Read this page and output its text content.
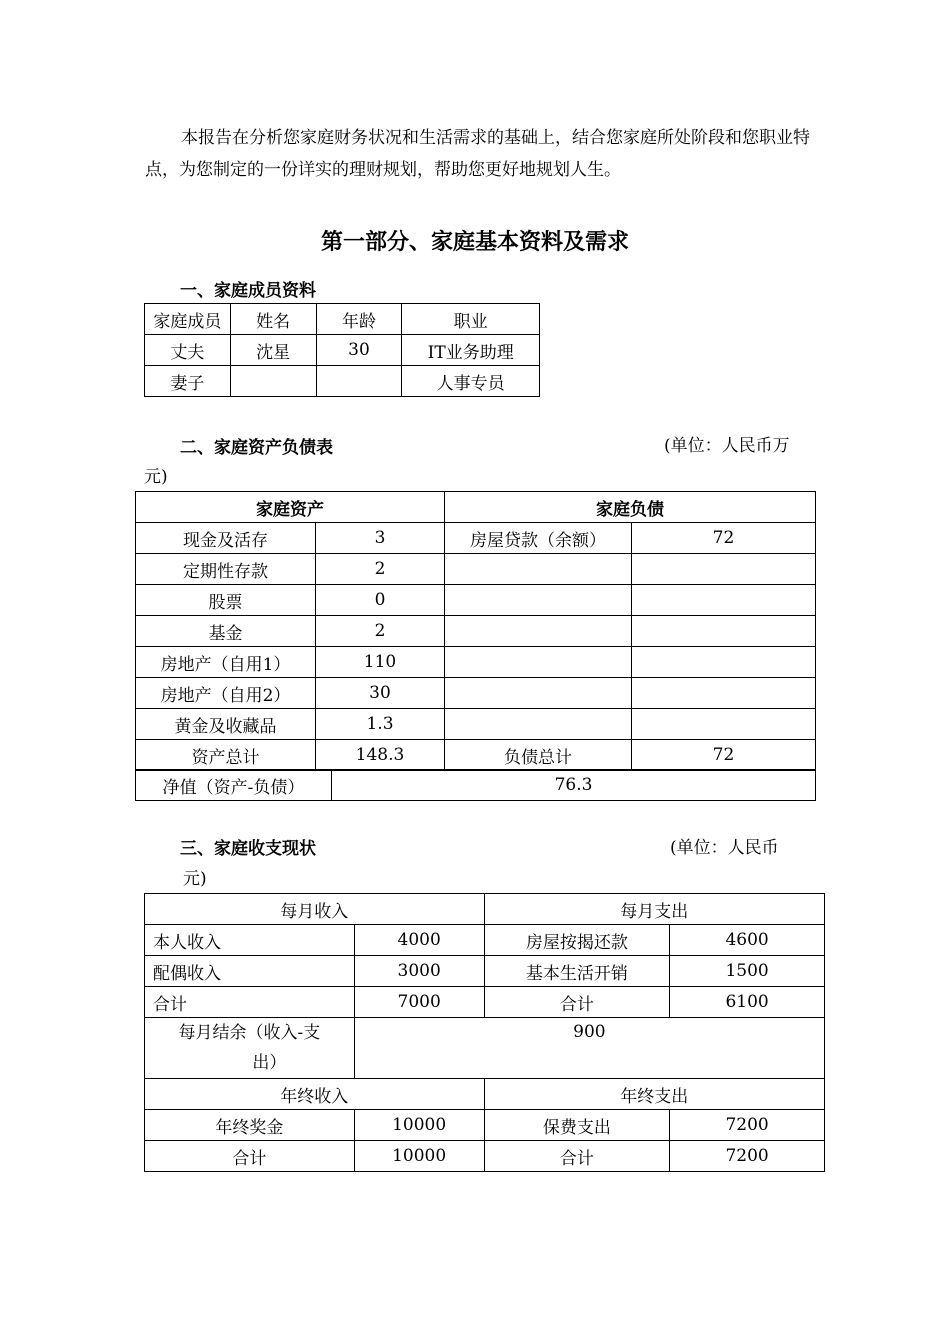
本报告在分析您家庭财务状况和生活需求的基础上，结合您家庭所处阶段和您职业特点，为您制定的一份详实的理财规划，帮助您更好地规划人生。

第一部分、家庭基本资料及需求
一、家庭成员资料
家庭成员	姓名	年龄	职业
丈夫	沈星	30	IT业务助理
妻子			人事专员
二、家庭资产负债表	(单位：人民币万
元)
家庭资产		家庭负债	
现金及活存	3	房屋贷款（余额）	72
定期性存款	2		
股票	0		
基金	2		
房地产（自用1）	110		
房地产（自用2）	30		
黄金及收藏品	1.3		
资产总计	148.3	负债总计	72
净值（资产-负债）	76.3
三、家庭收支现状	(单位：人民币
元)
每月收入		每月支出	
本人收入	4000	房屋按揭还款	4600
配偶收入	3000	基本生活开销	1500
合计	7000	合计	6100

每月结余（收入-支
出）	900		
年终收入		年终支出	
年终奖金	10000	保费支出	7200
合计	10000	合计	7200
